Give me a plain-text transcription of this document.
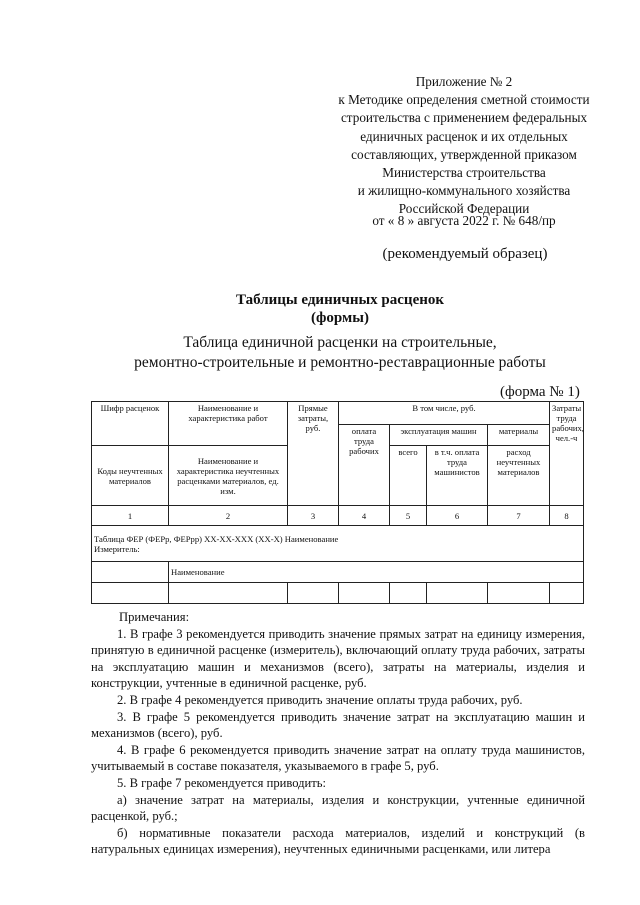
Приложение № 2
к Методике определения сметной стоимости
строительства с применением федеральных
единичных расценок и их отдельных
составляющих, утвержденной приказом
Министерства строительства
и жилищно-коммунального хозяйства
Российской Федерации
от « 8 » августа 2022 г. № 648/пр
(рекомендуемый образец)
Таблицы единичных расценок
(формы)
Таблица единичной расценки на строительные,
ремонтно-строительные и ремонтно-реставрационные работы
(форма № 1)
Шифр расценок	Наименование и характеристика работ	Прямые затраты, руб.	В том числе, руб.				Затраты труда рабочих, чел.-ч
			оплата труда рабочих	эксплуатация машин		материалы	
Коды неучтенных материалов	Наименование и характеристика неучтенных расценками материалов, ед. изм.			всего	в т.ч. оплата труда машинистов	расход неучтенных материалов	

1	2	3	4	5	6	7	8

Таблица ФЕР (ФЕРр, ФЕРрр) XX-XX-XXX (XX-X) Наименование
Измеритель:							

	Наименование						

Примечания:

1. В графе 3 рекомендуется приводить значение прямых затрат на единицу измерения, принятую в единичной расценке (измеритель), включающий оплату труда рабочих, затраты на эксплуатацию машин и механизмов (всего), затраты на материалы, изделия и конструкции, учтенные в единичной расценке, руб.

2. В графе 4 рекомендуется приводить значение оплаты труда рабочих, руб.

3. В графе 5 рекомендуется приводить значение затрат на эксплуатацию машин и механизмов (всего), руб.

4. В графе 6 рекомендуется приводить значение затрат на оплату труда машинистов, учитываемый в составе показателя, указываемого в графе 5, руб.

5. В графе 7 рекомендуется приводить:

а) значение затрат на материалы, изделия и конструкции, учтенные единичной расценкой, руб.;

б) нормативные показатели расхода материалов, изделий и конструкций (в натуральных единицах измерения), неучтенных единичными расценками, или литера
